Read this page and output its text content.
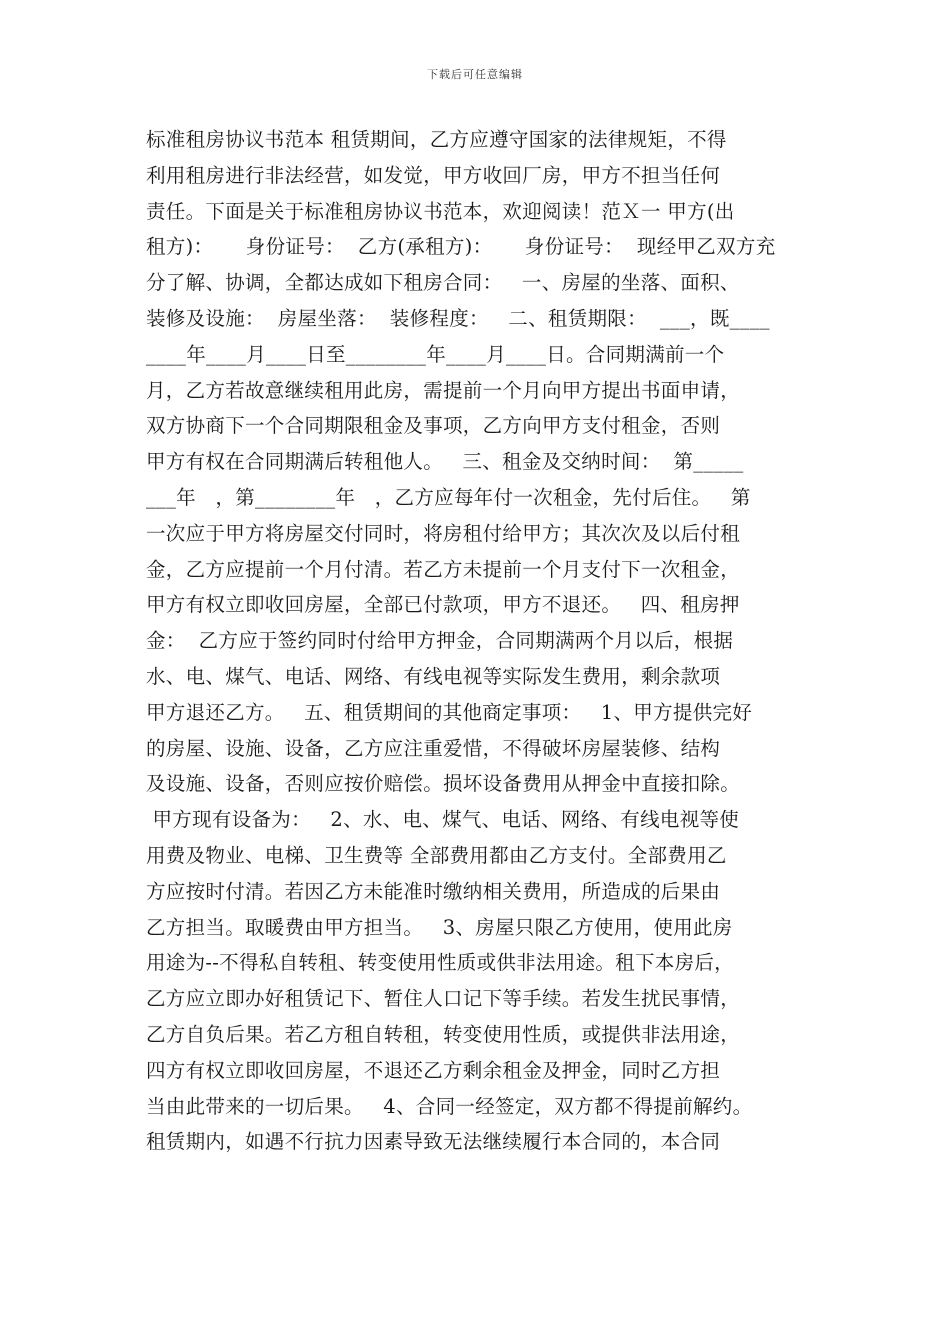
下载后可任意编辑
标准租房协议书范本 租赁期间，乙方应遵守国家的法律规矩，不得
利用租房进行非法经营，如发觉，甲方收回厂房，甲方不担当任何
责任。下面是关于标准租房协议书范本，欢迎阅读！范Ｘ一 甲方(出
租方)：     身份证号：  乙方(承租方)：     身份证号：  现经甲乙双方充
分了解、协调，全都达成如下租房合同：   一、房屋的坐落、面积、
装修及设施：  房屋坐落：  装修程度：   二、租赁期限：  ___，既____
____年____月____日至________年____月____日。合同期满前一个
月，乙方若故意继续租用此房，需提前一个月向甲方提出书面申请，
双方协商下一个合同期限租金及事项，乙方向甲方支付租金，否则
甲方有权在合同期满后转租他人。   三、租金及交纳时间：  第_____
___年   ，第________年   ，乙方应每年付一次租金，先付后住。   第
一次应于甲方将房屋交付同时，将房租付给甲方；其次次及以后付租
金，乙方应提前一个月付清。若乙方未提前一个月支付下一次租金，
甲方有权立即收回房屋，全部已付款项，甲方不退还。   四、租房押
金：  乙方应于签约同时付给甲方押金，合同期满两个月以后，根据
水、电、煤气、电话、网络、有线电视等实际发生费用，剩余款项
甲方退还乙方。   五、租赁期间的其他商定事项：   1、甲方提供完好
的房屋、设施、设备，乙方应注重爱惜，不得破坏房屋装修、结构
及设施、设备，否则应按价赔偿。损坏设备费用从押金中直接扣除。
甲方现有设备为：   2、水、电、煤气、电话、网络、有线电视等使
用费及物业、电梯、卫生费等 全部费用都由乙方支付。全部费用乙
方应按时付清。若因乙方未能准时缴纳相关费用，所造成的后果由
乙方担当。取暖费由甲方担当。   3、房屋只限乙方使用，使用此房
用途为--不得私自转租、转变使用性质或供非法用途。租下本房后，
乙方应立即办好租赁记下、暂住人口记下等手续。若发生扰民事情，
乙方自负后果。若乙方租自转租，转变使用性质，或提供非法用途，
四方有权立即收回房屋，不退还乙方剩余租金及押金，同时乙方担
当由此带来的一切后果。   4、合同一经签定，双方都不得提前解约。
租赁期内，如遇不行抗力因素导致无法继续履行本合同的，本合同
